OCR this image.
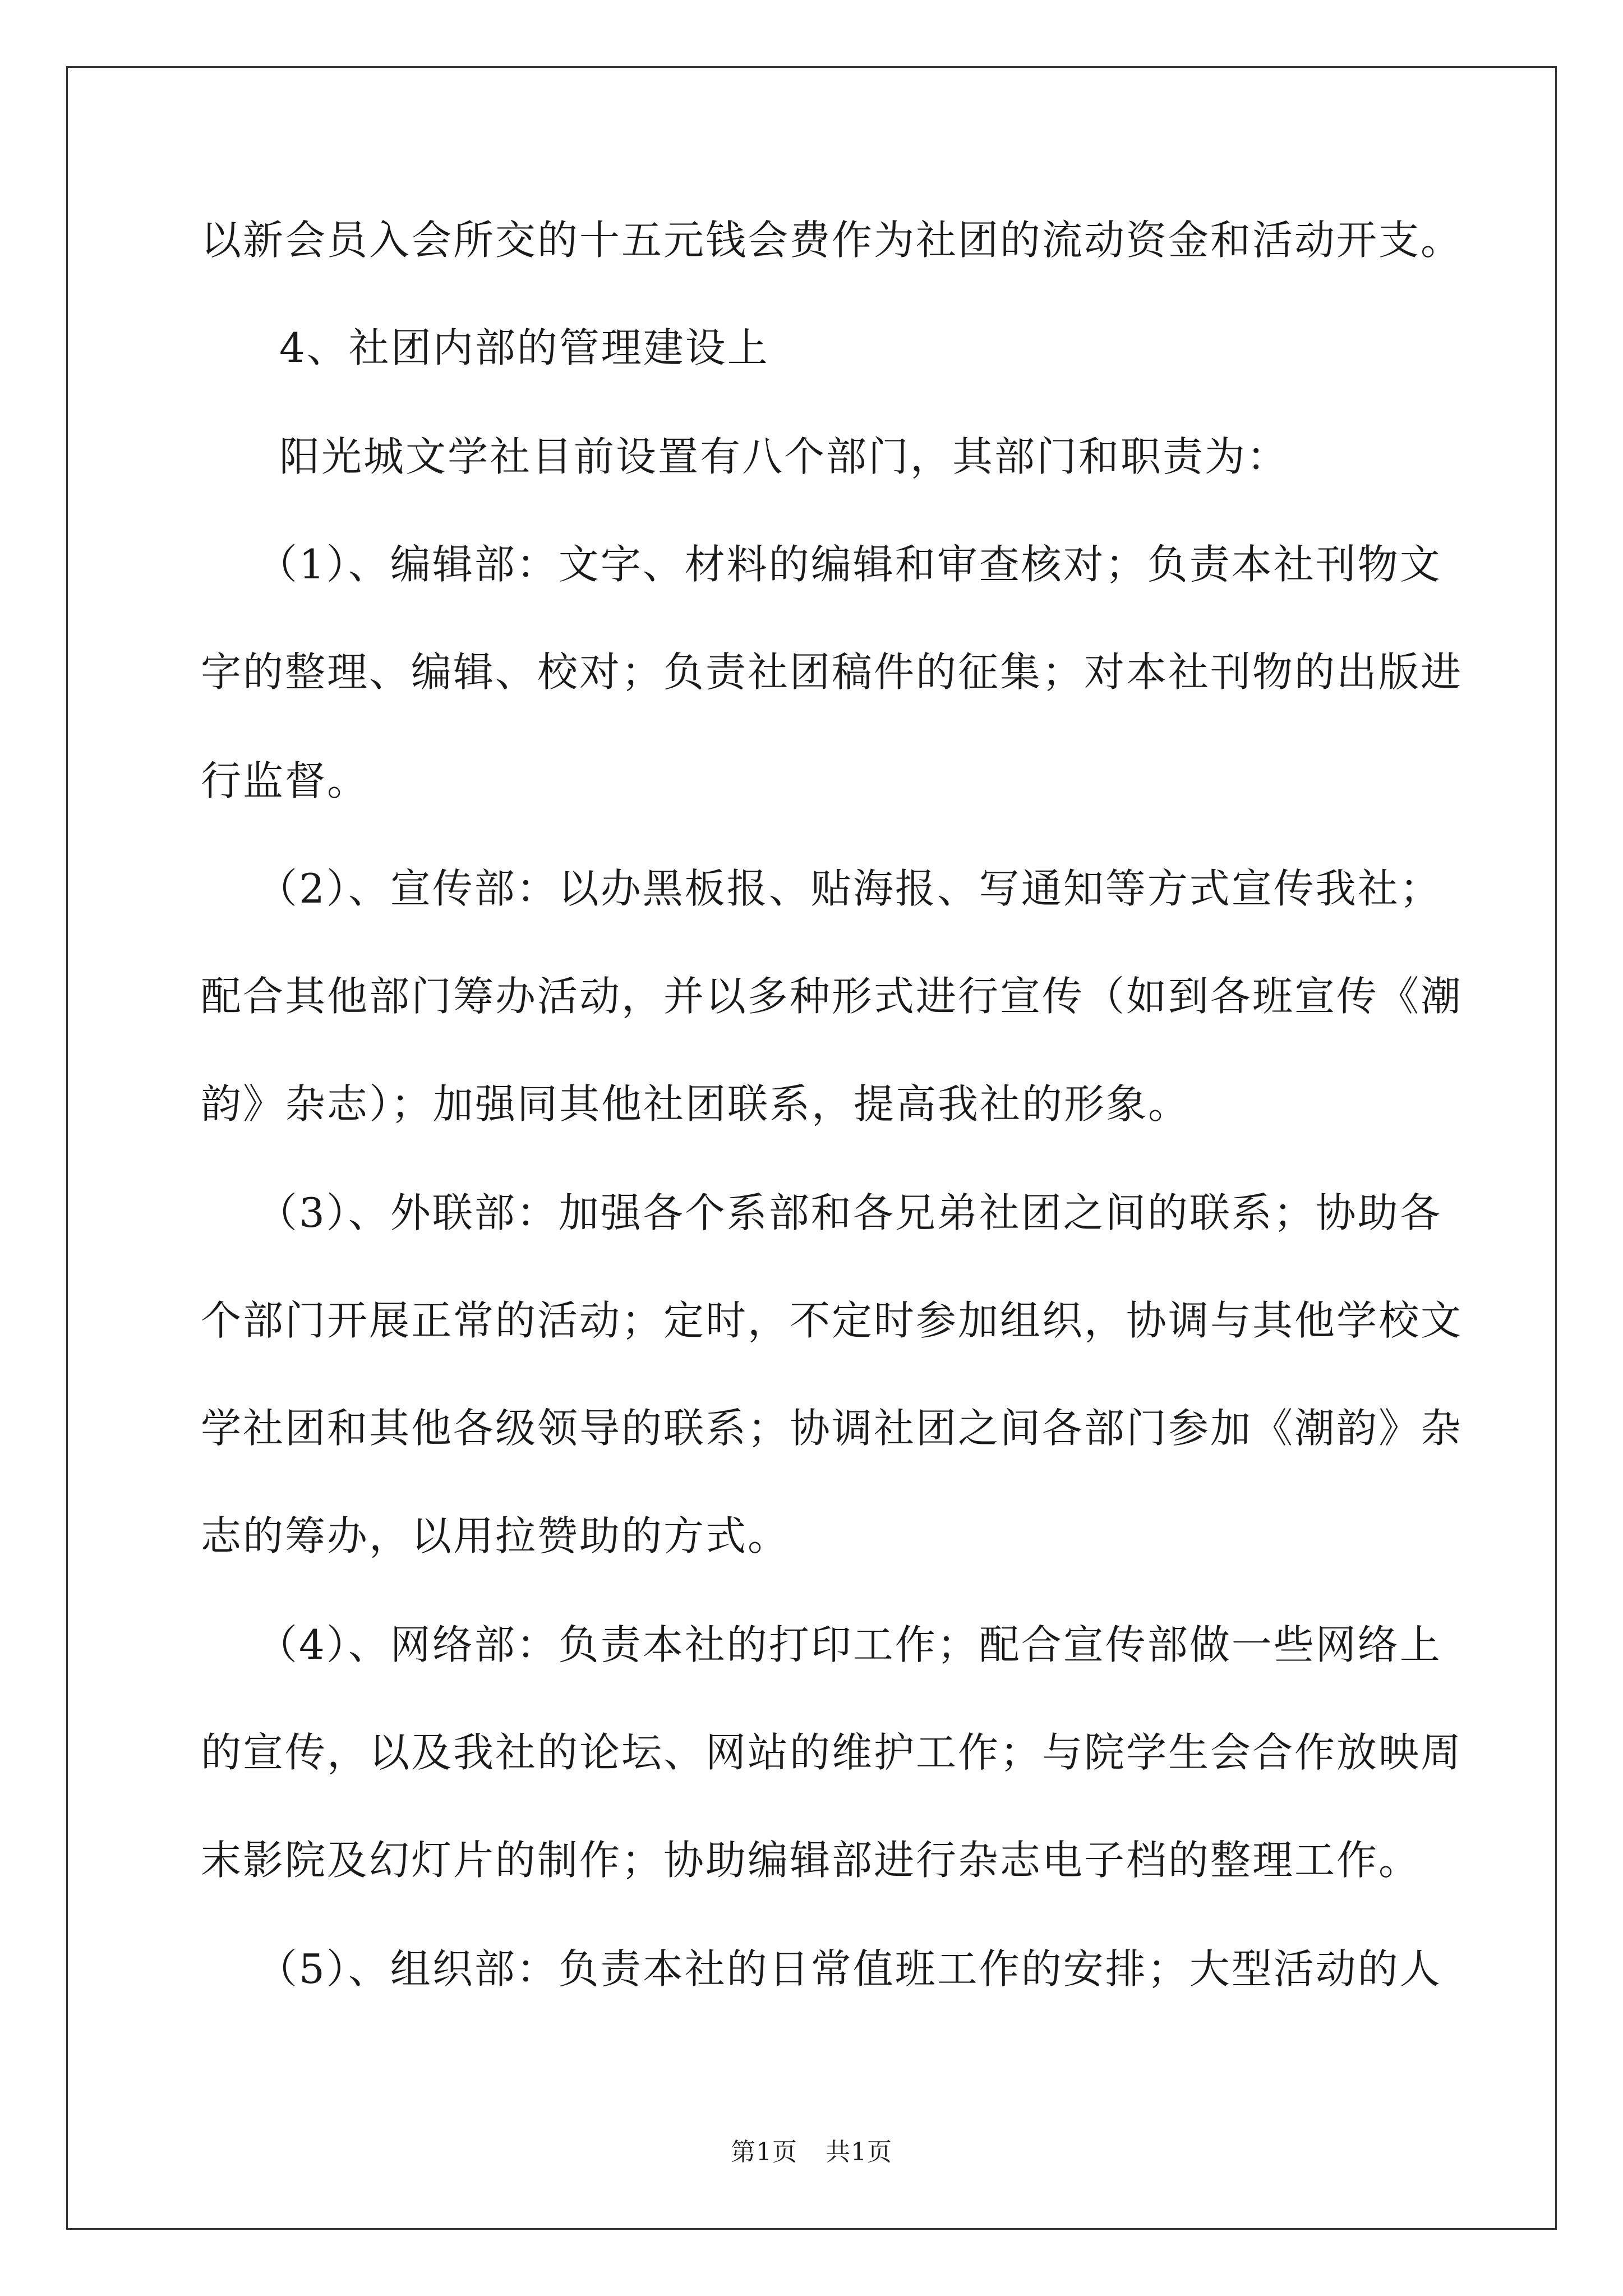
以新会员入会所交的十五元钱会费作为社团的流动资金和活动开支。
4、社团内部的管理建设上
阳光城文学社目前设置有八个部门，其部门和职责为：
（1）、编辑部：文字、材料的编辑和审查核对；负责本社刊物文
字的整理、编辑、校对；负责社团稿件的征集；对本社刊物的出版进
行监督。
（2）、宣传部：以办黑板报、贴海报、写通知等方式宣传我社；
配合其他部门筹办活动，并以多种形式进行宣传（如到各班宣传《潮
韵》杂志）；加强同其他社团联系，提高我社的形象。
（3）、外联部：加强各个系部和各兄弟社团之间的联系；协助各
个部门开展正常的活动；定时，不定时参加组织，协调与其他学校文
学社团和其他各级领导的联系；协调社团之间各部门参加《潮韵》杂
志的筹办，以用拉赞助的方式。
（4）、网络部：负责本社的打印工作；配合宣传部做一些网络上
的宣传，以及我社的论坛、网站的维护工作；与院学生会合作放映周
末影院及幻灯片的制作；协助编辑部进行杂志电子档的整理工作。
（5）、组织部：负责本社的日常值班工作的安排；大型活动的人
第1页 共1页
